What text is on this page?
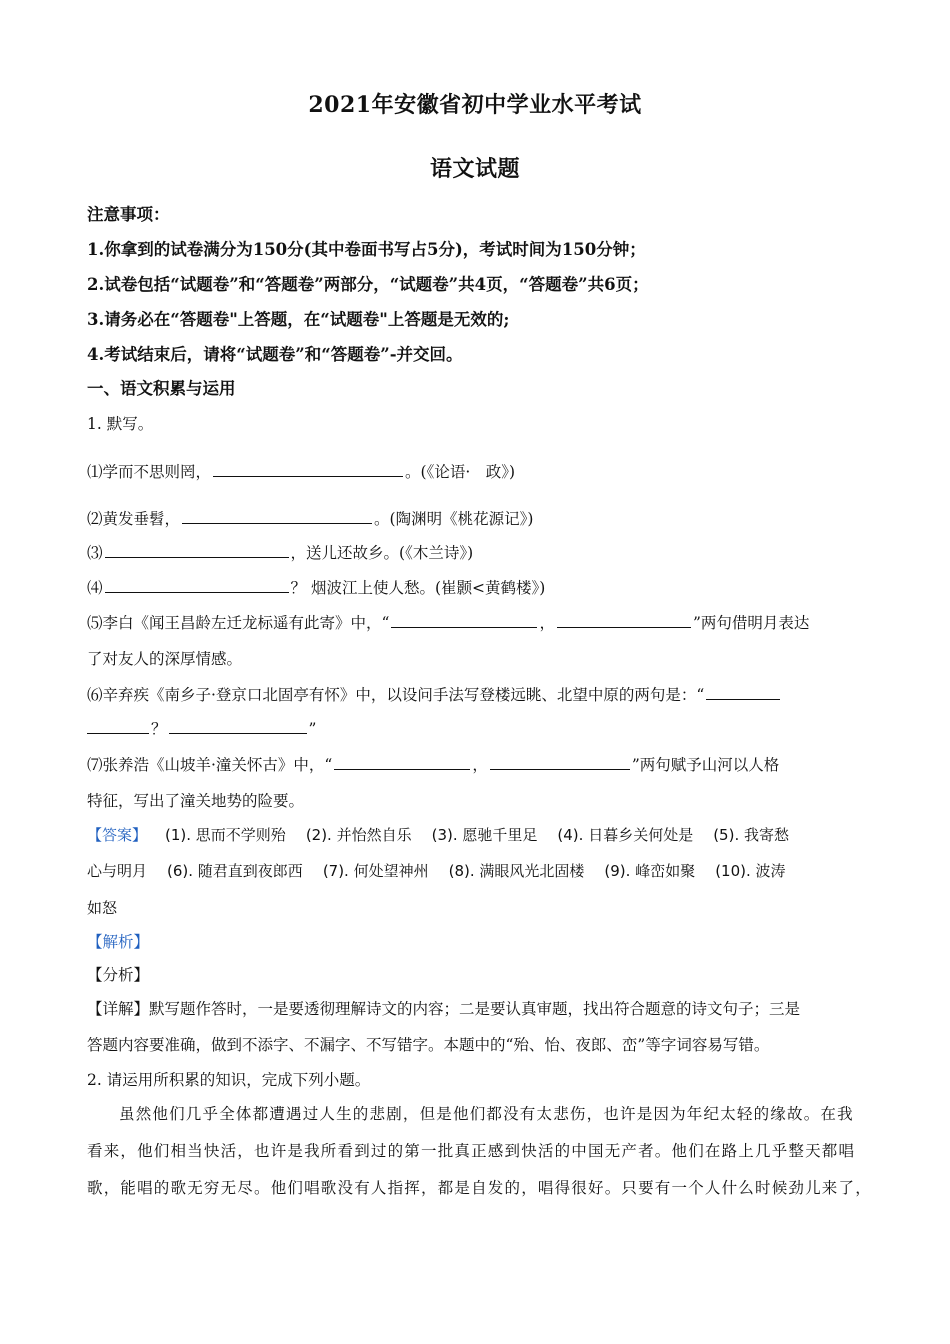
2021年安徽省初中学业水平考试
语文试题
注意事项：
1.你拿到的试卷满分为150分(其中卷面书写占5分)，考试时间为150分钟；
2.试卷包括“试题卷”和“答题卷”两部分，“试题卷”共4页，“答题卷”共6页；
3.请务必在“答题卷"上答题，在“试题卷"上答题是无效的;
4.考试结束后，请将“试题卷”和“答题卷”-并交回。
一、语文积累与运用
1. 默写。
⑴学而不思则罔，	。(《论语·　政》)
⑵黄发垂髫，	。(陶渊明《桃花源记》)
⑶	，送儿还故乡。(《木兰诗》)
⑷	？ 烟波江上使人愁。(崔颢<黄鹤楼》)
⑸李白《闻王昌龄左迁龙标遥有此寄》中，“	，	”两句借明月表达
了对友人的深厚情感。
⑹辛弃疾《南乡子·登京口北固亭有怀》中，以设问手法写登楼远眺、北望中原的两句是：“
？	”
⑺张养浩《山坡羊·潼关怀古》中，“	，	”两句赋予山河以人格
特征，写出了潼关地势的险要。
【答案】 (1). 思而不学则殆 (2). 并怡然自乐 (3). 愿驰千里足 (4). 日暮乡关何处是 (5). 我寄愁
心与明月 (6). 随君直到夜郎西 (7). 何处望神州 (8). 满眼风光北固楼 (9). 峰峦如聚 (10). 波涛
如怒
【解析】
【分析】
【详解】默写题作答时，一是要透彻理解诗文的内容；二是要认真审题，找出符合题意的诗文句子；三是
答题内容要准确，做到不添字、不漏字、不写错字。本题中的“殆、怡、夜郎、峦”等字词容易写错。
2. 请运用所积累的知识，完成下列小题。
虽然他们几乎全体都遭遇过人生的悲剧，但是他们都没有太悲伤，也许是因为年纪太轻的缘故。在我
看来，他们相当快活，也许是我所看到过的第一批真正感到快活的中国无产者。他们在路上几乎整天都唱
歌，能唱的歌无穷无尽。他们唱歌没有人指挥，都是自发的，唱得很好。只要有一个人什么时候劲儿来了，
